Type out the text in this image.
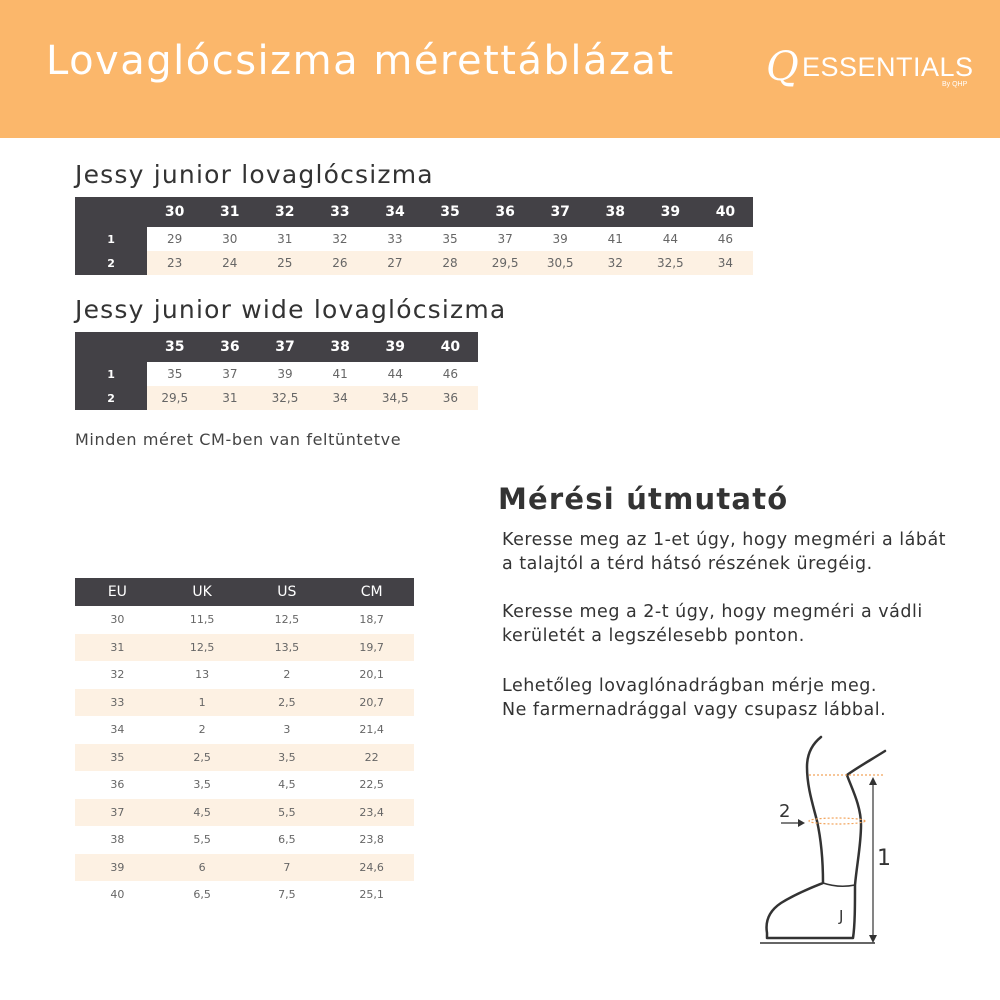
Lovaglócsizma mérettáblázat Q ESSENTIALS
By QHP
Jessy junior lovaglócsizma
	30	31	32	33	34	35	36	37	38	39	40
1	29	30	31	32	33	35	37	39	41	44	46
2	23	24	25	26	27	28	29,5	30,5	32	32,5	34
Jessy junior wide lovaglócsizma
	35	36	37	38	39	40
1	35	37	39	41	44	46
2	29,5	31	32,5	34	34,5	36
Minden méret CM-ben van feltüntetve
EU	UK	US	CM
30	11,5	12,5	18,7
31	12,5	13,5	19,7
32	13	2	20,1
33	1	2,5	20,7
34	2	3	21,4
35	2,5	3,5	22
36	3,5	4,5	22,5
37	4,5	5,5	23,4
38	5,5	6,5	23,8
39	6	7	24,6
40	6,5	7,5	25,1
Mérési útmutató
Keresse meg az 1-et úgy, hogy megméri a lábát
a talajtól a térd hátsó részének üregéig.
Keresse meg a 2-t úgy, hogy megméri a vádli
kerületét a legszélesebb ponton.
Lehetőleg lovaglónadrágban mérje meg.
Ne farmernadrággal vagy csupasz lábbal.
2
1
J
